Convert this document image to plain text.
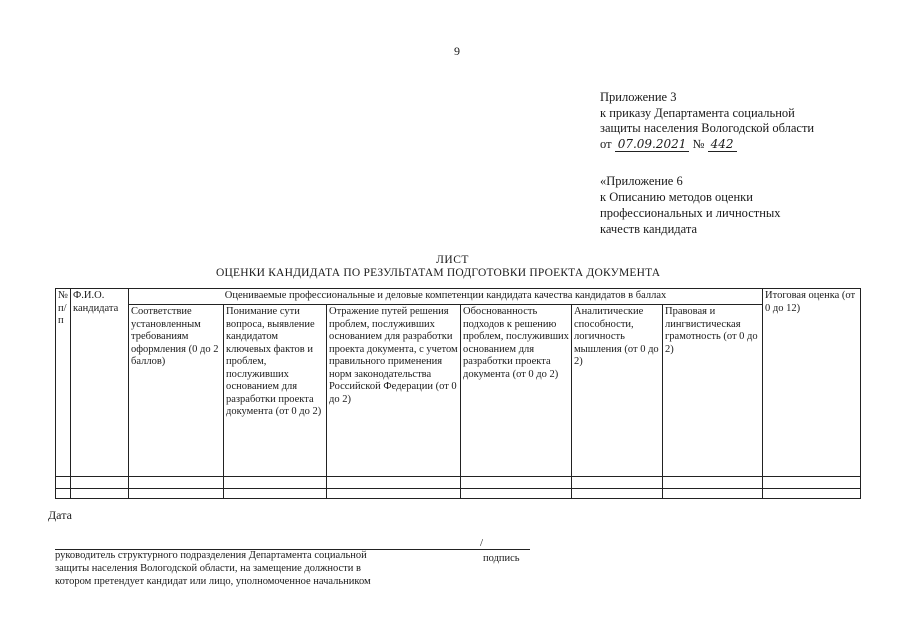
9
Приложение 3
к приказу Департамента социальной
защиты населения Вологодской области
от 07.09.2021 № 442
«Приложение 6
к Описанию методов оценки
профессиональных и личностных
качеств кандидата
ЛИСТ
ОЦЕНКИ КАНДИДАТА ПО РЕЗУЛЬТАТАМ ПОДГОТОВКИ ПРОЕКТА ДОКУМЕНТА
№ п/п	Ф.И.О. кандидата	Оцениваемые профессиональные и деловые компетенции кандидата качества кандидатов в баллах						Итоговая оценка (от 0 до 12)
		Соответствие установленным требованиям оформления (0 до 2 баллов)	Понимание сути вопроса, выявление кандидатом ключевых фактов и проблем, послуживших основанием для разработки проекта документа (от 0 до 2)	Отражение путей решения проблем, послуживших основанием для разработки проекта документа, с учетом правильного применения норм законодательства Российской Федерации (от 0 до 2)	Обоснованность подходов к решению проблем, послуживших основанием для разработки проекта документа (от 0 до 2)	Аналитические способности, логичность мышления (от 0 до 2)	Правовая и лингвистическая грамотность (от 0 до 2)	

Дата
/
подпись
руководитель структурного подразделения Департамента социальной
защиты населения Вологодской области, на замещение должности в
котором претендует кандидат или лицо, уполномоченное начальником
